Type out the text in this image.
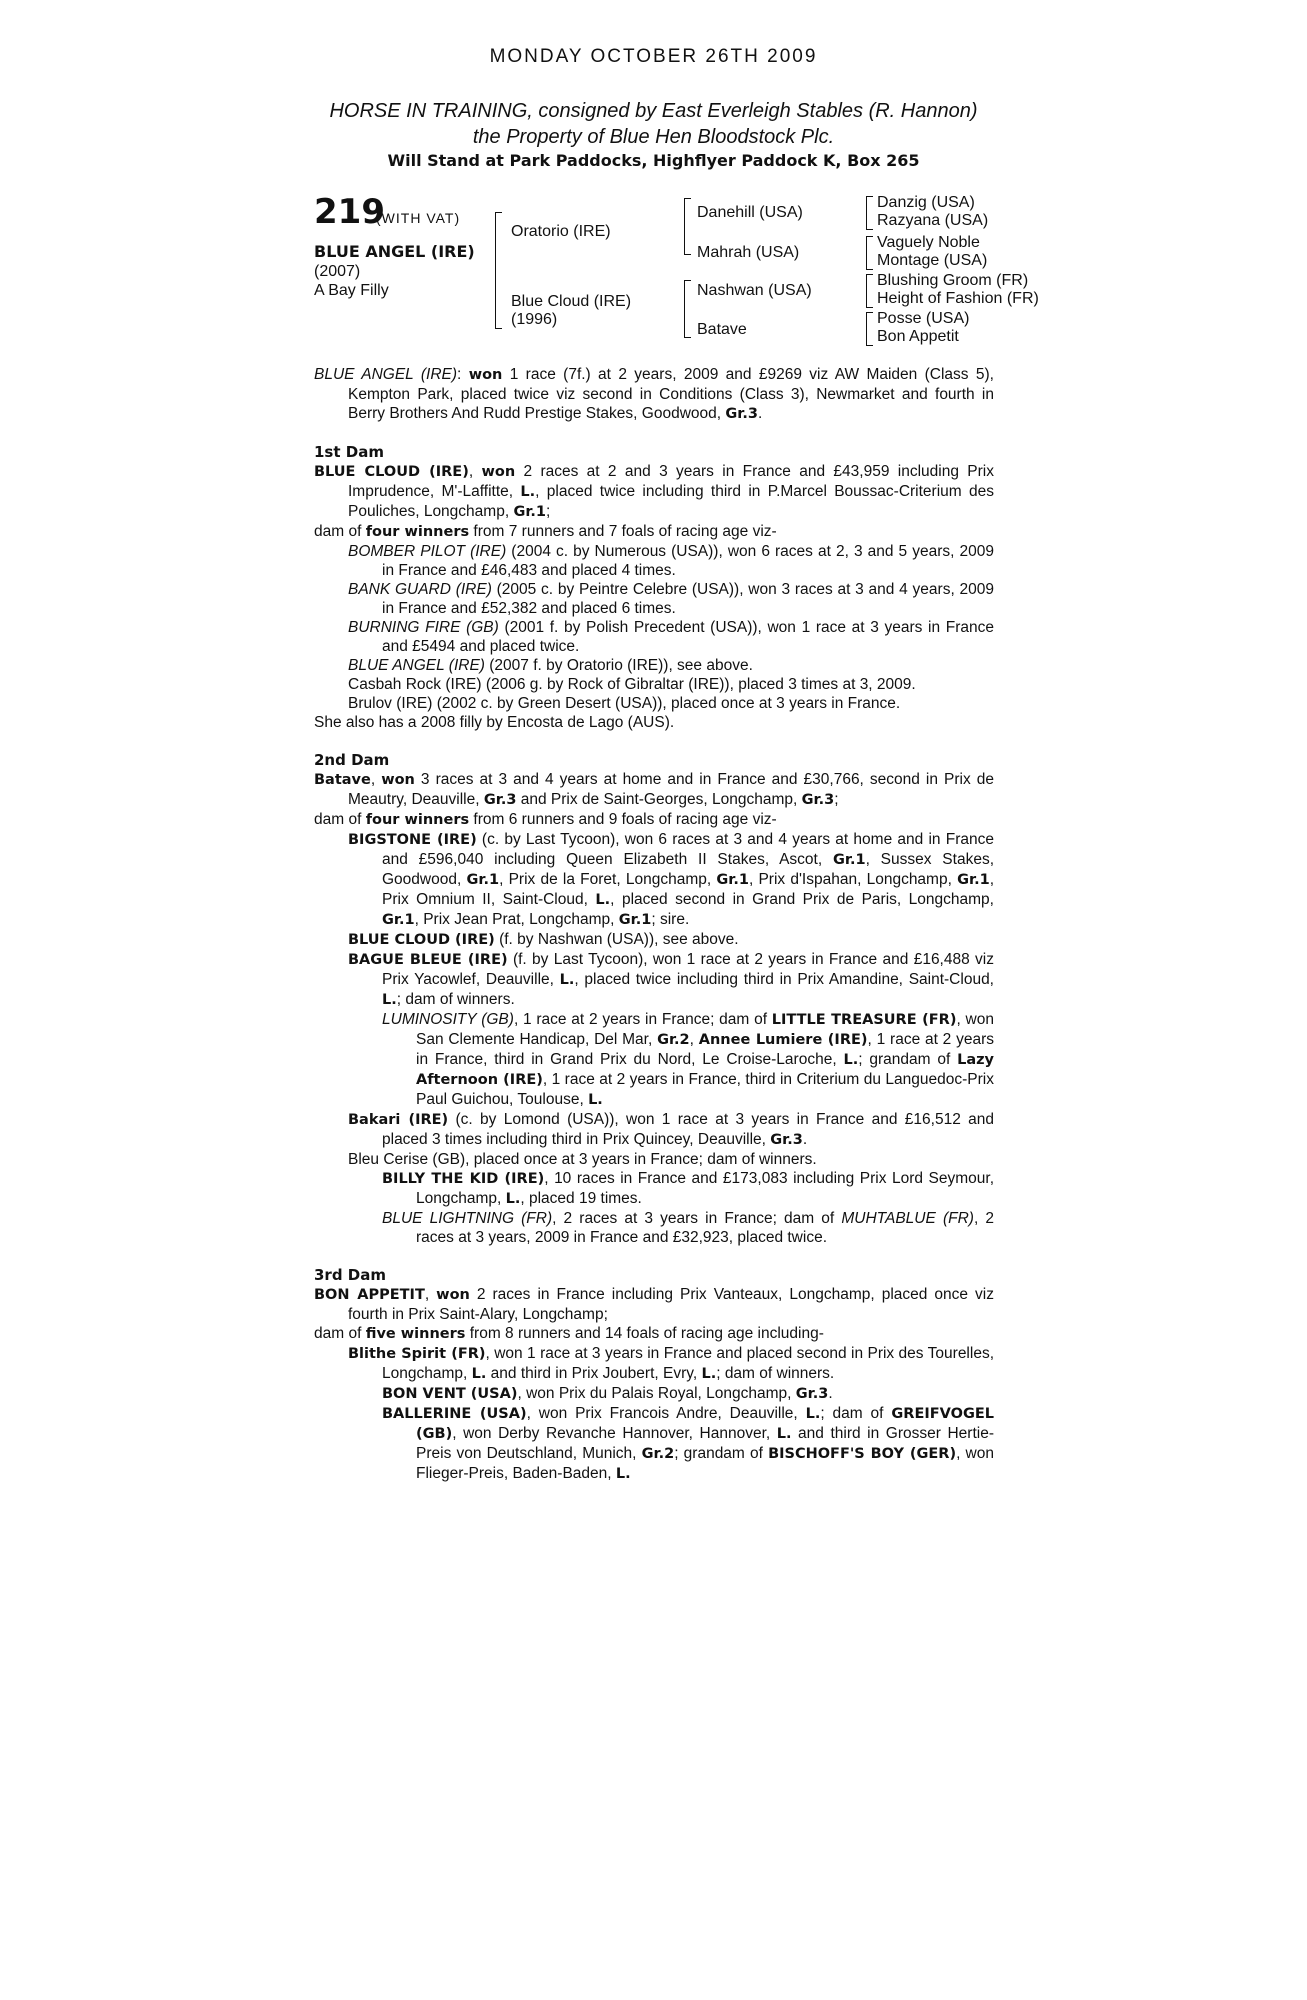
MONDAY OCTOBER 26TH 2009
HORSE IN TRAINING, consigned by East Everleigh Stables (R. Hannon)
the Property of Blue Hen Bloodstock Plc.
Will Stand at Park Paddocks, Highflyer Paddock K, Box 265
219
(WITH VAT)
BLUE ANGEL (IRE)
(2007)
A Bay Filly
Oratorio (IRE)
Blue Cloud (IRE)
(1996)
Danehill (USA)
Mahrah (USA)
Nashwan (USA)
Batave
Danzig (USA)
Razyana (USA)
Vaguely Noble
Montage (USA)
Blushing Groom (FR)
Height of Fashion (FR)
Posse (USA)
Bon Appetit

BLUE ANGEL (IRE): won 1 race (7f.) at 2 years, 2009 and £9269 viz AW Maiden (Class 5), Kempton Park, placed twice viz second in Conditions (Class 3), Newmarket and fourth in Berry Brothers And Rudd Prestige Stakes, Goodwood, Gr.3.

1st Dam

BLUE CLOUD (IRE), won 2 races at 2 and 3 years in France and £43,959 including Prix Imprudence, M'-Laffitte, L., placed twice including third in P.Marcel Boussac-Criterium des Pouliches, Longchamp, Gr.1;

dam of four winners from 7 runners and 7 foals of racing age viz-

BOMBER PILOT (IRE) (2004 c. by Numerous (USA)), won 6 races at 2, 3 and 5 years, 2009 in France and £46,483 and placed 4 times.

BANK GUARD (IRE) (2005 c. by Peintre Celebre (USA)), won 3 races at 3 and 4 years, 2009 in France and £52,382 and placed 6 times.

BURNING FIRE (GB) (2001 f. by Polish Precedent (USA)), won 1 race at 3 years in France and £5494 and placed twice.

BLUE ANGEL (IRE) (2007 f. by Oratorio (IRE)), see above.

Casbah Rock (IRE) (2006 g. by Rock of Gibraltar (IRE)), placed 3 times at 3, 2009.

Brulov (IRE) (2002 c. by Green Desert (USA)), placed once at 3 years in France.

She also has a 2008 filly by Encosta de Lago (AUS).

2nd Dam

Batave, won 3 races at 3 and 4 years at home and in France and £30,766, second in Prix de Meautry, Deauville, Gr.3 and Prix de Saint-Georges, Longchamp, Gr.3;

dam of four winners from 6 runners and 9 foals of racing age viz-

BIGSTONE (IRE) (c. by Last Tycoon), won 6 races at 3 and 4 years at home and in France and £596,040 including Queen Elizabeth II Stakes, Ascot, Gr.1, Sussex Stakes, Goodwood, Gr.1, Prix de la Foret, Longchamp, Gr.1, Prix d'Ispahan, Longchamp, Gr.1, Prix Omnium II, Saint-Cloud, L., placed second in Grand Prix de Paris, Longchamp, Gr.1, Prix Jean Prat, Longchamp, Gr.1; sire.

BLUE CLOUD (IRE) (f. by Nashwan (USA)), see above.

BAGUE BLEUE (IRE) (f. by Last Tycoon), won 1 race at 2 years in France and £16,488 viz Prix Yacowlef, Deauville, L., placed twice including third in Prix Amandine, Saint-Cloud, L.; dam of winners.

LUMINOSITY (GB), 1 race at 2 years in France; dam of LITTLE TREASURE (FR), won San Clemente Handicap, Del Mar, Gr.2, Annee Lumiere (IRE), 1 race at 2 years in France, third in Grand Prix du Nord, Le Croise-Laroche, L.; grandam of Lazy Afternoon (IRE), 1 race at 2 years in France, third in Criterium du Languedoc-Prix Paul Guichou, Toulouse, L.

Bakari (IRE) (c. by Lomond (USA)), won 1 race at 3 years in France and £16,512 and placed 3 times including third in Prix Quincey, Deauville, Gr.3.

Bleu Cerise (GB), placed once at 3 years in France; dam of winners.

BILLY THE KID (IRE), 10 races in France and £173,083 including Prix Lord Seymour, Longchamp, L., placed 19 times.

BLUE LIGHTNING (FR), 2 races at 3 years in France; dam of MUHTABLUE (FR), 2 races at 3 years, 2009 in France and £32,923, placed twice.

3rd Dam

BON APPETIT, won 2 races in France including Prix Vanteaux, Longchamp, placed once viz fourth in Prix Saint-Alary, Longchamp;

dam of five winners from 8 runners and 14 foals of racing age including-

Blithe Spirit (FR), won 1 race at 3 years in France and placed second in Prix des Tourelles, Longchamp, L. and third in Prix Joubert, Evry, L.; dam of winners.

BON VENT (USA), won Prix du Palais Royal, Longchamp, Gr.3.

BALLERINE (USA), won Prix Francois Andre, Deauville, L.; dam of GREIFVOGEL (GB), won Derby Revanche Hannover, Hannover, L. and third in Grosser Hertie-Preis von Deutschland, Munich, Gr.2; grandam of BISCHOFF'S BOY (GER), won Flieger-Preis, Baden-Baden, L.
